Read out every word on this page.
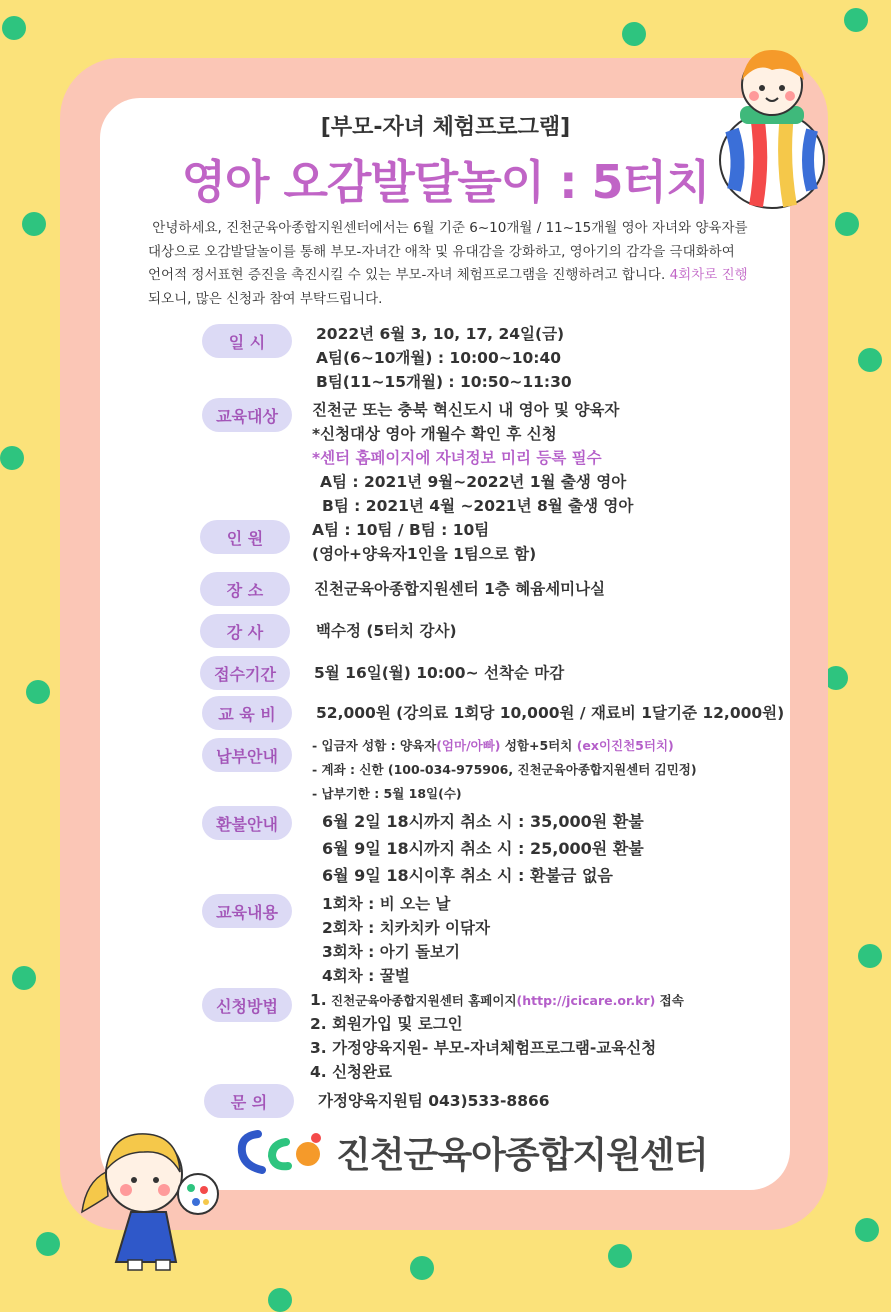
[부모-자녀 체험프로그램]
영아 오감발달놀이 : 5터치
안녕하세요, 진천군육아종합지원센터에서는 6월 기준 6~10개월 / 11~15개월 영아 자녀와 양육자를 대상으로 오감발달놀이를 통해 부모-자녀간 애착 및 유대감을 강화하고, 영아기의 감각을 극대화하여 언어적 정서표현 증진을 촉진시킬 수 있는 부모-자녀 체험프로그램을 진행하려고 합니다. 4회차로 진행되오니, 많은 신청과 참여 부탁드립니다.
일 시	2022년 6월 3, 10, 17, 24일(금)
A팀(6~10개월) : 10:00~10:40
B팀(11~15개월) : 10:50~11:30
교육대상	진천군 또는 충북 혁신도시 내 영아 및 양육자
*신청대상 영아 개월수 확인 후 신청
*센터 홈페이지에 자녀정보 미리 등록 필수
A팀 : 2021년 9월~2022년 1월 출생 영아
B팀 : 2021년 4월 ~2021년 8월 출생 영아
인 원	A팀 : 10팀 / B팀 : 10팀
(영아+양육자1인을 1팀으로 함)
장 소	진천군육아종합지원센터 1층 혜윰세미나실
강 사	백수정 (5터치 강사)
접수기간	5월 16일(월) 10:00~ 선착순 마감
교 육 비	52,000원 (강의료 1회당 10,000원 / 재료비 1달기준 12,000원)
납부안내
- 입금자 성함 : 양육자(엄마/아빠) 성함+5터치 (ex이진천5터치)
- 계좌 : 신한 (100-034-975906, 진천군육아종합지원센터 김민정)
- 납부기한 : 5월 18일(수)
환불안내	6월 2일 18시까지 취소 시 : 35,000원 환불
6월 9일 18시까지 취소 시 : 25,000원 환불
6월 9일 18시이후 취소 시 : 환불금 없음
교육내용	1회차 : 비 오는 날
2회차 : 치카치카 이닦자
3회차 : 아기 돌보기
4회차 : 꿀벌
신청방법	1. 진천군육아종합지원센터 홈페이지(http://jcicare.or.kr) 접속
2. 회원가입 및 로그인
3. 가정양육지원- 부모-자녀체험프로그램-교육신청
4. 신청완료
문 의	가정양육지원팀 043)533-8866
진천군육아종합지원센터
